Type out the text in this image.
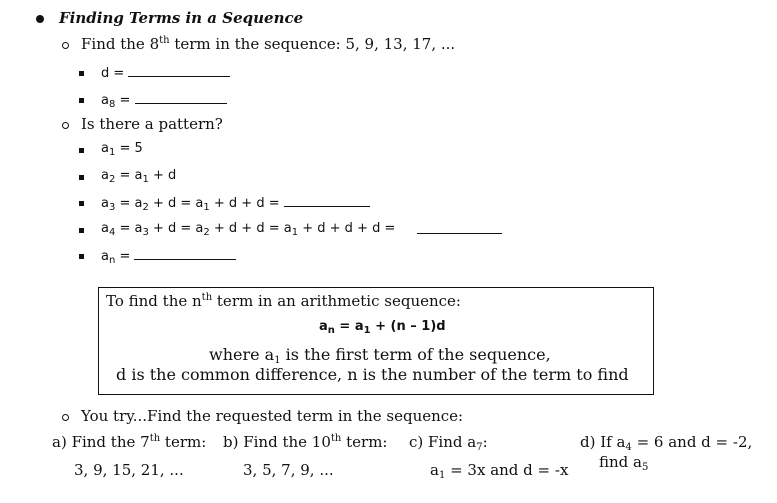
Finding Terms in a Sequence
Find the 8th term in the sequence: 5, 9, 13, 17, ...
d =
$a_8$ =
Is there a pattern?
$a_1 = 5$
$a_2 = a_1 + d$
$a_3 = a_2 + d = a_1 + d + d$ =
$a_4 = a_3 + d = a_2 + d + d = a_1 + d + d + d$ =
$a_n$ =
To find the $n^{th}$ term in an arithmetic sequence:
$a_n = a_1 + (n - 1)d$
where $a_1$ is the first term of the sequence,
d is the common difference, n is the number of the term to find
You try...Find the requested term in the sequence:
a) Find the 7th term:
3, 9, 15, 21, ...
b) Find the 10th term:
3, 5, 7, 9, ...
c) Find $a_7$:
$a_1 = 3x$ and d = -x
d) If $a_4 = 6$ and d = -2,
find $a_5$
